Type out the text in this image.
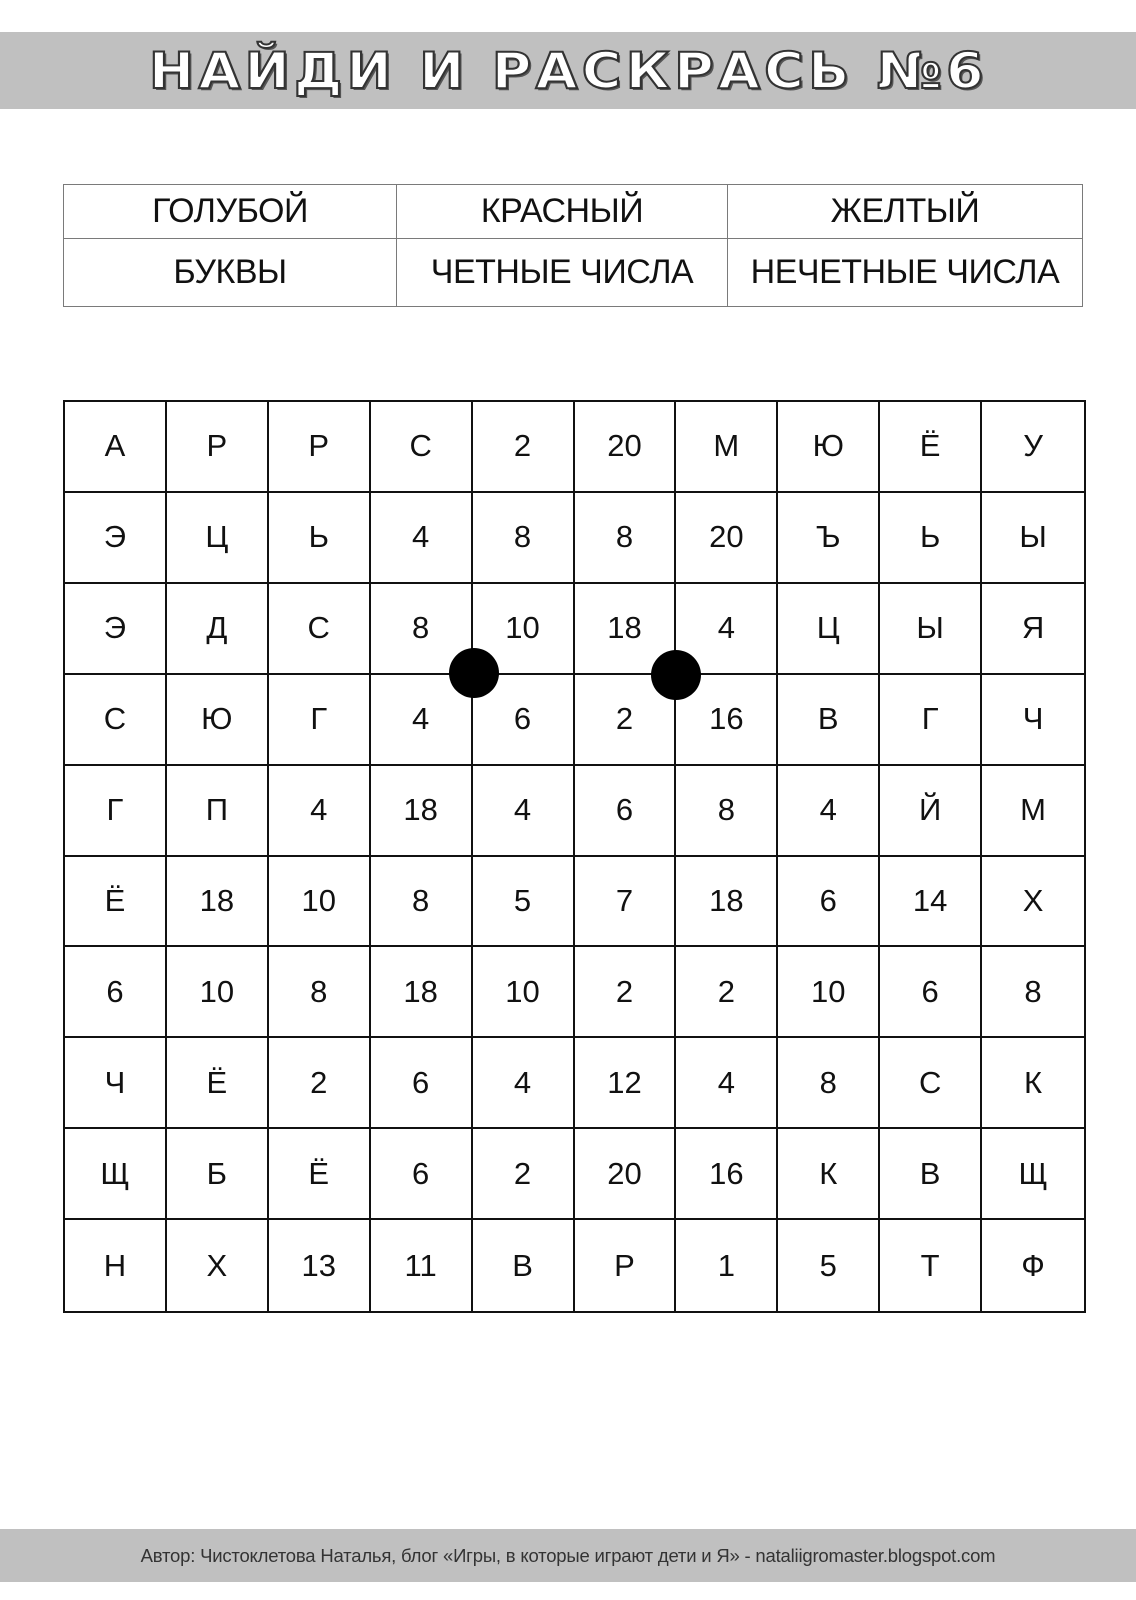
НАЙДИ И РАСКРАСЬ №6
ГОЛУБОЙ	КРАСНЫЙ	ЖЕЛТЫЙ
БУКВЫ	ЧЕТНЫЕ ЧИСЛА	НЕЧЕТНЫЕ ЧИСЛА
А	Р	Р	С	2	20	М	Ю	Ё	У
Э	Ц	Ь	4	8	8	20	Ъ	Ь	Ы
Э	Д	С	8	10	18	4	Ц	Ы	Я
С	Ю	Г	4	6	2	16	В	Г	Ч
Г	П	4	18	4	6	8	4	Й	М
Ё	18	10	8	5	7	18	6	14	Х
6	10	8	18	10	2	2	10	6	8
Ч	Ё	2	6	4	12	4	8	С	К
Щ	Б	Ё	6	2	20	16	К	В	Щ
Н	Х	13	11	В	Р	1	5	Т	Ф
Автор: Чистоклетова Наталья, блог «Игры, в которые играют дети и Я» - nataliigromaster.blogspot.com
